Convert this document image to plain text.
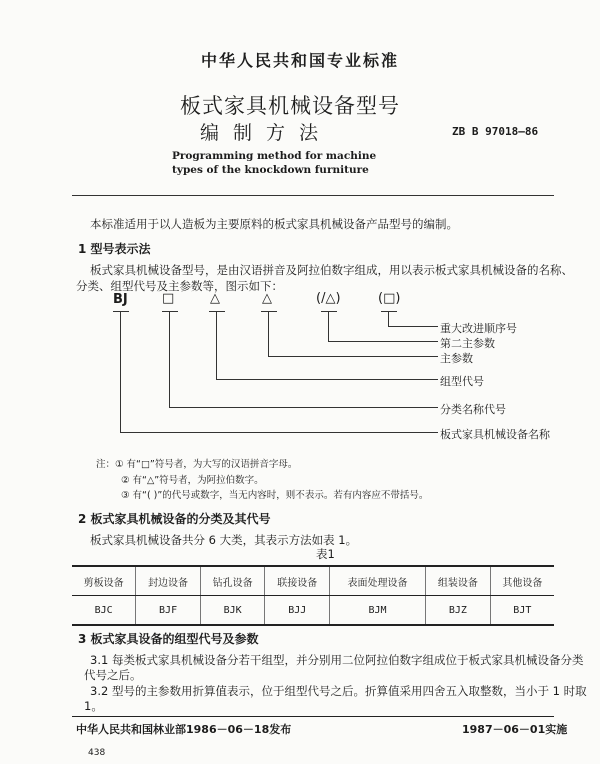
中华人民共和国专业标准
板式家具机械设备型号
编制方法	ZB B 97018—86
Programming method for machine
types of the knockdown furniture
本标准适用于以人造板为主要原料的板式家具机械设备产品型号的编制。
1 型号表示法
板式家具机械设备型号，是由汉语拼音及阿拉伯数字组成，用以表示板式家具机械设备的名称、
分类、组型代号及主参数等，图示如下：
BJ	□	△	△	(/△)	(□)
重大改进顺序号
第二主参数
主参数
组型代号
分类名称代号
板式家具机械设备名称
注：① 有“□”符号者，为大写的汉语拼音字母。
② 有“△”符号者，为阿拉伯数字。
③ 有“( )”的代号或数字，当无内容时，则不表示。若有内容应不带括号。
2 板式家具机械设备的分类及其代号
板式家具机械设备共分 6 大类，其表示方法如表 1。
表1
剪板设备	封边设备	钻孔设备	联接设备	表面处理设备	组装设备	其他设备
BJC	BJF	BJK	BJJ	BJM	BJZ	BJT
3 板式家具设备的组型代号及参数
3.1 每类板式家具机械设备分若干组型，并分别用二位阿拉伯数字组成位于板式家具机械设备分类
代号之后。
3.2 型号的主参数用折算值表示，位于组型代号之后。折算值采用四舍五入取整数，当小于 1 时取
1。
中华人民共和国林业部1986－06－18发布	1987－06－01实施
438
